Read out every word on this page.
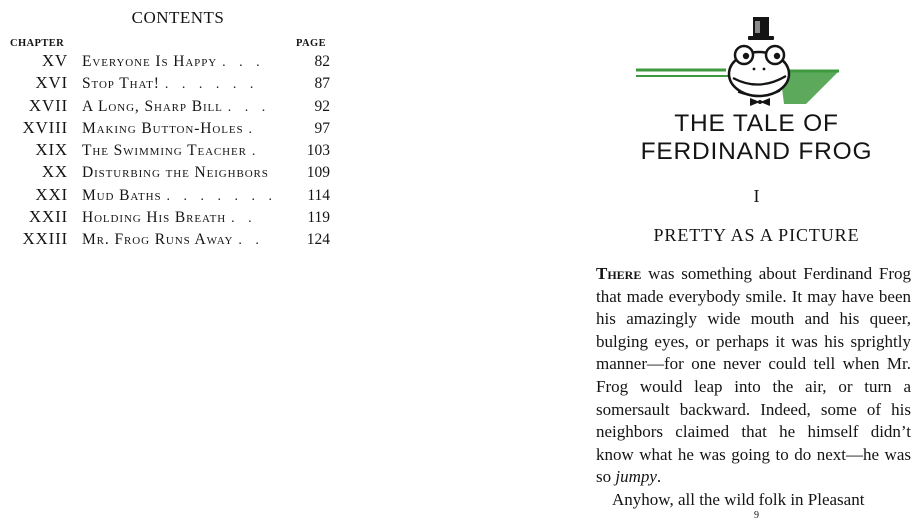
CONTENTS
CHAPTER	PAGE
XV Everyone Is Happy . . .	82
XVI Stop That! . . . . . .	87
XVII A Long, Sharp Bill . . .	92
XVIII Making Button-Holes .	97
XIX The Swimming Teacher .	103
XX Disturbing the Neighbors 109
XXI Mud Baths . . . . . . .	114
XXII Holding His Breath . .	119
XXIII Mr. Frog Runs Away . .	124
THE TALE OF
FERDINAND FROG

I

PRETTY AS A PICTURE

There was something about Ferdinand Frog that made everybody smile. It may have been his amazingly wide mouth and his queer, bulging eyes, or perhaps it was his sprightly manner—for one never could tell when Mr. Frog would leap into the air, or turn a somersault backward. Indeed, some of his neighbors claimed that he himself didn’t know what he was going to do next—he was so jumpy.
Anyhow, all the wild folk in Pleasant

9
